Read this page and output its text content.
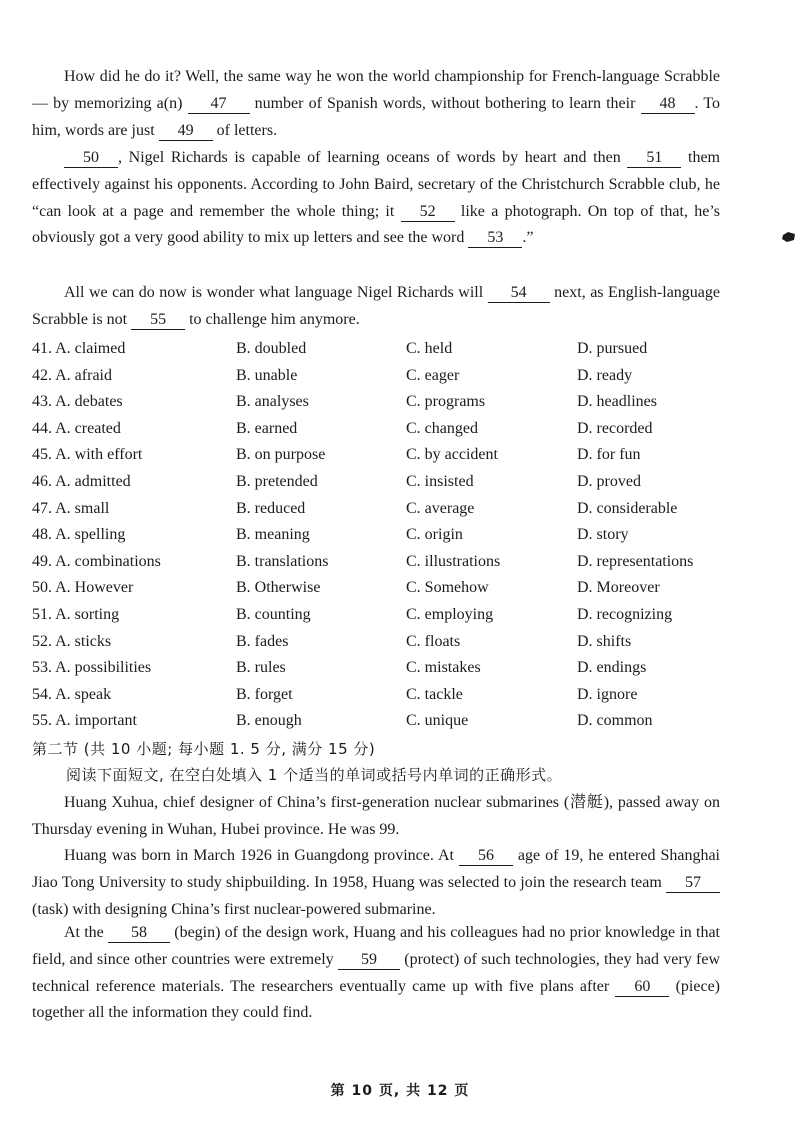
How did he do it? Well, the same way he won the world championship for French-language Scrabble — by memorizing a(n) 47 number of Spanish words, without bothering to learn their 48 . To him, words are just 49 of letters.

50 , Nigel Richards is capable of learning oceans of words by heart and then 51 them effectively against his opponents. According to John Baird, secretary of the Christchurch Scrabble club, he “can look at a page and remember the whole thing; it 52 like a photograph. On top of that, he’s obviously got a very good ability to mix up letters and see the word 53 .”

All we can do now is wonder what language Nigel Richards will 54 next, as English-language Scrabble is not 55 to challenge him anymore.

41. A. claimed	B. doubled	C. held	D. pursued
42. A. afraid	B. unable	C. eager	D. ready
43. A. debates	B. analyses	C. programs	D. headlines
44. A. created	B. earned	C. changed	D. recorded
45. A. with effort	B. on purpose	C. by accident	D. for fun
46. A. admitted	B. pretended	C. insisted	D. proved
47. A. small	B. reduced	C. average	D. considerable
48. A. spelling	B. meaning	C. origin	D. story
49. A. combinations	B. translations	C. illustrations	D. representations
50. A. However	B. Otherwise	C. Somehow	D. Moreover
51. A. sorting	B. counting	C. employing	D. recognizing
52. A. sticks	B. fades	C. floats	D. shifts
53. A. possibilities	B. rules	C. mistakes	D. endings
54. A. speak	B. forget	C. tackle	D. ignore
55. A. important	B. enough	C. unique	D. common
第二节 (共 10 小题; 每小题 1. 5 分, 满分 15 分)
阅读下面短文, 在空白处填入 1 个适当的单词或括号内单词的正确形式。

Huang Xuhua, chief designer of China’s first-generation nuclear submarines (潜艇), passed away on Thursday evening in Wuhan, Hubei province. He was 99.

Huang was born in March 1926 in Guangdong province. At 56 age of 19, he entered Shanghai Jiao Tong University to study shipbuilding. In 1958, Huang was selected to join the research team 57 (task) with designing China’s first nuclear-powered submarine.

At the 58 (begin) of the design work, Huang and his colleagues had no prior knowledge in that field, and since other countries were extremely 59 (protect) of such technologies, they had very few technical reference materials. The researchers eventually came up with five plans after 60 (piece) together all the information they could find.

第 10 页, 共 12 页
